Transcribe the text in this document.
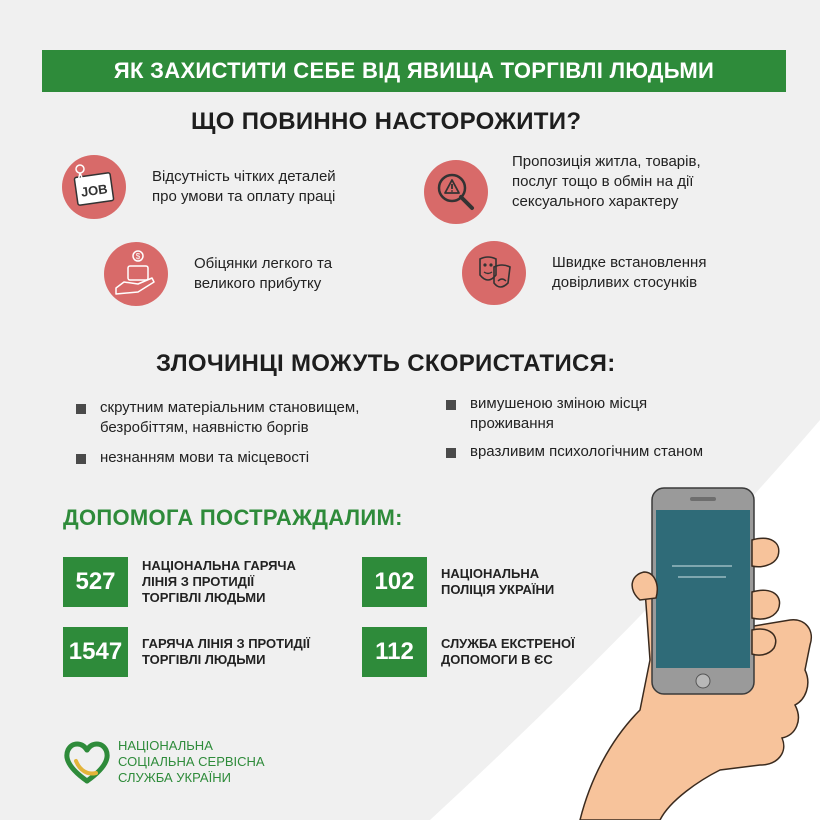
ЯК ЗАХИСТИТИ СЕБЕ ВІД ЯВИЩА ТОРГІВЛІ ЛЮДЬМИ
ЩО ПОВИННО НАСТОРОЖИТИ?
JOB
Відсутність чітких деталей
про умови та оплату праці
Пропозиція житла, товарів,
послуг тощо в обмін на дії
сексуального характеру
$	Обіцянки легкого та
великого прибутку
Швидке встановлення
довірливих стосунків
ЗЛОЧИНЦІ МОЖУТЬ СКОРИСТАТИСЯ:
скрутним матеріальним становищем,
безробіттям, наявністю боргів
незнанням мови та місцевості
вимушеною зміною місця
проживання
вразливим психологічним станом
ДОПОМОГА ПОСТРАЖДАЛИМ:
527
НАЦІОНАЛЬНА ГАРЯЧА
ЛІНІЯ З ПРОТИДІЇ
ТОРГІВЛІ ЛЮДЬМИ
1547	ГАРЯЧА ЛІНІЯ З ПРОТИДІЇ
ТОРГІВЛІ ЛЮДЬМИ
102	НАЦІОНАЛЬНА
ПОЛІЦІЯ УКРАЇНИ
112	СЛУЖБА ЕКСТРЕНОЇ
ДОПОМОГИ В ЄС
НАЦІОНАЛЬНА
СОЦІАЛЬНА СЕРВІСНА
СЛУЖБА УКРАЇНИ
